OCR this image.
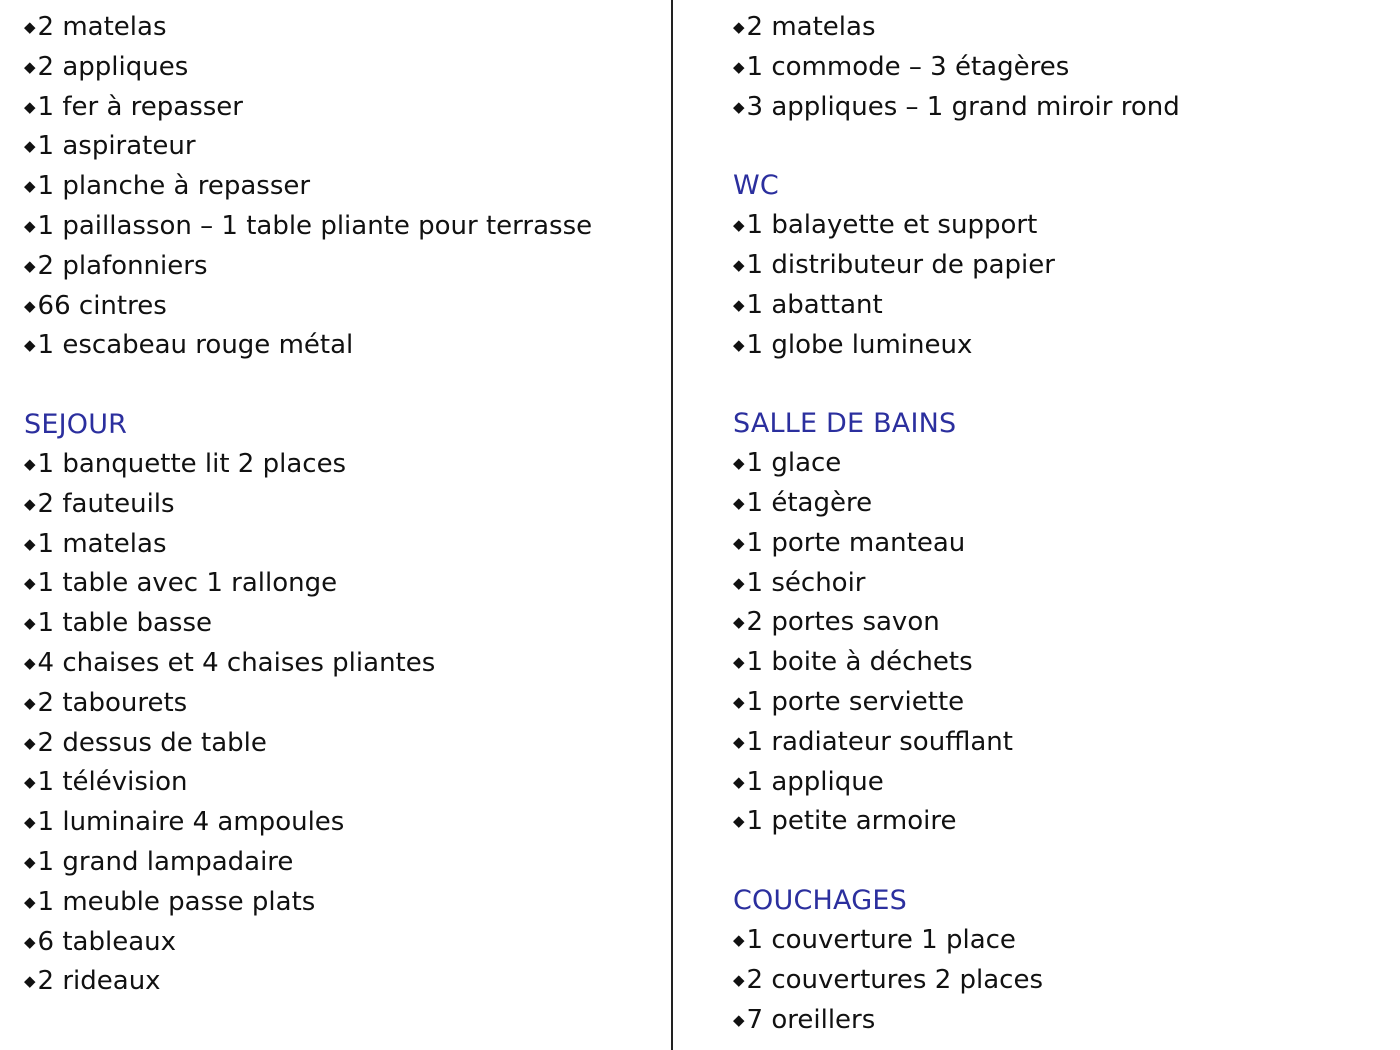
◆2 matelas
◆2 appliques
◆1 fer à repasser
◆1 aspirateur
◆1 planche à repasser
◆1 paillasson – 1 table pliante pour terrasse
◆2 plafonniers
◆66 cintres
◆1 escabeau rouge métal
SEJOUR
◆1 banquette lit 2 places
◆2 fauteuils
◆1 matelas
◆1 table avec 1 rallonge
◆1 table basse
◆4 chaises et 4 chaises pliantes
◆2 tabourets
◆2 dessus de table
◆1 télévision
◆1 luminaire 4 ampoules
◆1 grand lampadaire
◆1 meuble passe plats
◆6 tableaux
◆2 rideaux
◆2 matelas
◆1 commode – 3 étagères
◆3 appliques – 1 grand miroir rond
WC
◆1 balayette et support
◆1 distributeur de papier
◆1 abattant
◆1 globe lumineux
SALLE DE BAINS
◆1 glace
◆1 étagère
◆1 porte manteau
◆1 séchoir
◆2 portes savon
◆1 boite à déchets
◆1 porte serviette
◆1 radiateur soufflant
◆1 applique
◆1 petite armoire
COUCHAGES
◆1 couverture 1 place
◆2 couvertures 2 places
◆7 oreillers
